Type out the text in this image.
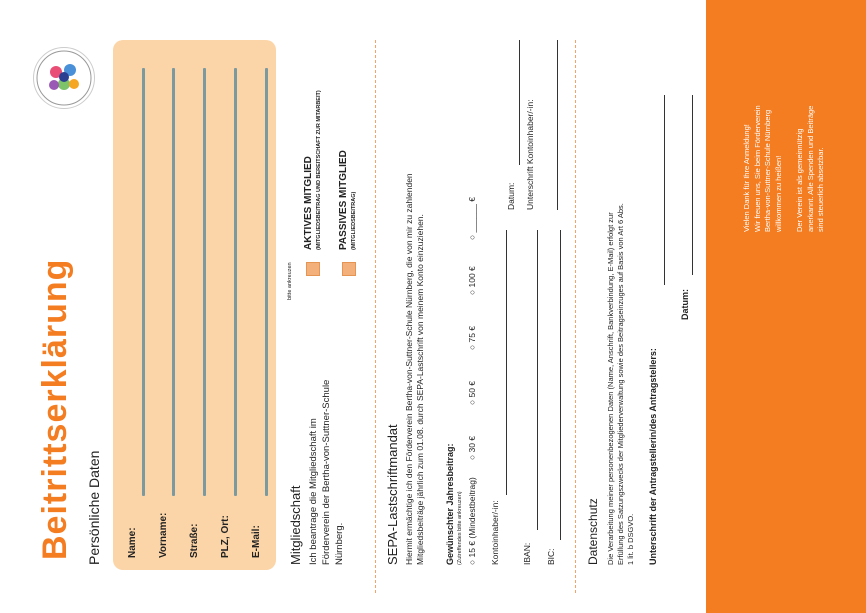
Beitrittserklärung Persönliche Daten	Name: Vorname: Straße: PLZ, Ort: E-Mail: Mitgliedschaft Ich beantrage die Mitgliedschaft im Förderverein der Bertha-von-Suttner-Schule Nürnberg.
bitte ankreuzen
AKTIVES MITGLIED (MITGLIEDSBEITRAG UND BEREITSCHAFT ZUR MITARBEIT) PASSIVES MITGLIED (MITGLIEDSBEITRAG)
SEPA-Lastschriftmandat Hiermit ermächtige ich den Förderverein Bertha-von-Suttner-Schule Nürnberg, die von mir zu zahlenden Mitgliedsbeiträge jährlich zum 01.08. durch SEPA-Lastschrift von meinem Konto einzuziehen. Gewünschter Jahresbeitrag: (Zutreffendes bitte ankreuzen) ○ 15 € (Mindestbeitrag)
○ 30 €
○ 50 €
○ 75 €
○ 100 €
○ ______ €
Kontoinhaber/-in:
Datum:
IBAN:
Unterschrift Kontoinhaber/-in:
BIC:	Datenschutz Die Verarbeitung meiner personenbezogenen Daten (Name, Anschrift, Bankverbindung, E-Mail) erfolgt zur Erfüllung des Satzungszwecks der Mitgliederverwaltung sowie des Beitragseinzuges auf Basis von Art 6 Abs. 1 lit. b DSGVO. Unterschrift der Antragstellerin/des Antragstellers:
Datum:
Vielen Dank für Ihre Anmeldung! Wir freuen uns, Sie beim Förderverein Bertha-von-Suttner-Schule Nürnberg willkommen zu heißen! Der Verein ist als gemeinnützig anerkannt. Alle Spenden und Beiträge sind steuerlich absetzbar.
